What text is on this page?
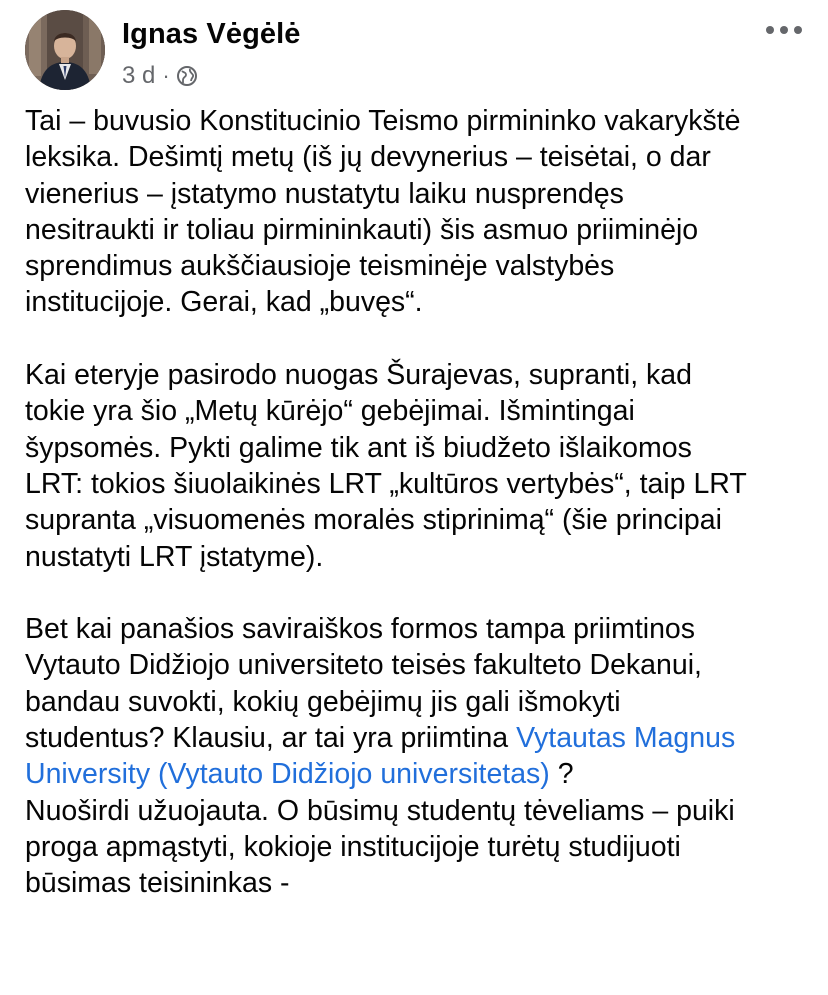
Ignas Vėgėlė
3 d ·

Tai – buvusio Konstitucinio Teismo pirmininko vakarykštė
leksika. Dešimtį metų (iš jų devynerius – teisėtai, o dar
vienerius – įstatymo nustatytu laiku nusprendęs
nesitraukti ir toliau pirmininkauti) šis asmuo priiminėjo
sprendimus aukščiausioje teisminėje valstybės
institucijoje. Gerai, kad „buvęs“.

Kai eteryje pasirodo nuogas Šurajevas, supranti, kad
tokie yra šio „Metų kūrėjo“ gebėjimai. Išmintingai
šypsomės. Pykti galime tik ant iš biudžeto išlaikomos
LRT: tokios šiuolaikinės LRT „kultūros vertybės“, taip LRT
supranta „visuomenės moralės stiprinimą“ (šie principai
nustatyti LRT įstatyme).

Bet kai panašios saviraiškos formos tampa priimtinos
Vytauto Didžiojo universiteto teisės fakulteto Dekanui,
bandau suvokti, kokių gebėjimų jis gali išmokyti
studentus? Klausiu, ar tai yra priimtina Vytautas Magnus
University (Vytauto Didžiojo universitetas) ?
Nuoširdi užuojauta. O būsimų studentų tėveliams – puiki
proga apmąstyti, kokioje institucijoje turėtų studijuoti
būsimas teisininkas -
